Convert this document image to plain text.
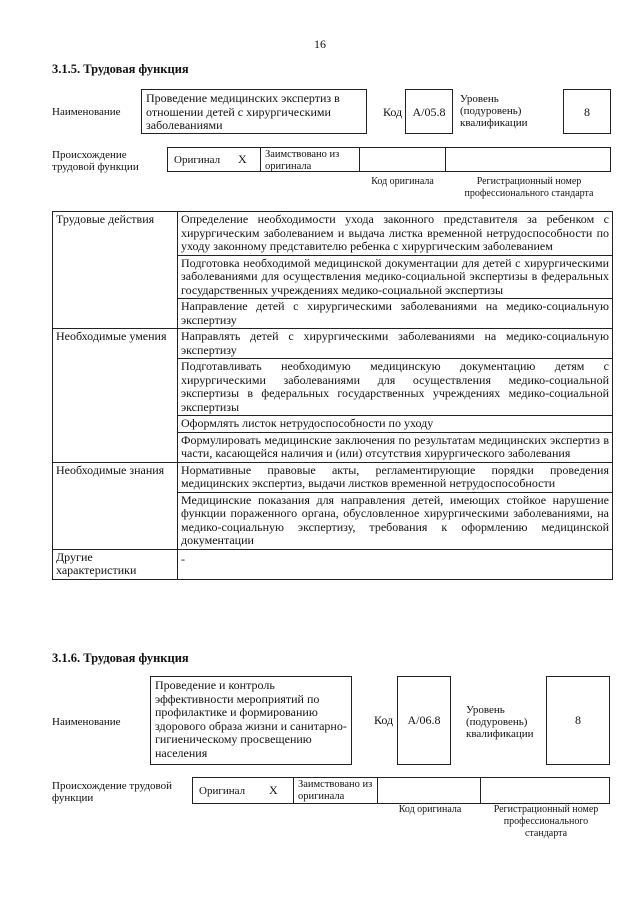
16
3.1.5. Трудовая функция
Наименование
Проведение медицинских экспертиз в отношении детей с хирургическими заболеваниями
Код A/05.8
Уровень (подуровень) квалификации
8
Происхождение трудовой функции
Оригинал X	Заимствовано из оригинала
Код оригинала	Регистрационный номер профессионального стандарта
Трудовые действия	Определение необходимости ухода законного представителя за ребенком с хирургическим заболеванием и выдача листка временной нетрудоспособности по уходу законному представителю ребенка с хирургическим заболеванием
	Подготовка необходимой медицинской документации для детей с хирургическими заболеваниями для осуществления медико-социальной экспертизы в федеральных государственных учреждениях медико-социальной экспертизы
	Направление детей с хирургическими заболеваниями на медико-социальную экспертизу
Необходимые умения	Направлять детей с хирургическими заболеваниями на медико-социальную экспертизу
	Подготавливать необходимую медицинскую документацию детям с хирургическими заболеваниями для осуществления медико-социальной экспертизы в федеральных государственных учреждениях медико-социальной экспертизы
	Оформлять листок нетрудоспособности по уходу
	Формулировать медицинские заключения по результатам медицинских экспертиз в части, касающейся наличия и (или) отсутствия хирургического заболевания
Необходимые знания	Нормативные правовые акты, регламентирующие порядки проведения медицинских экспертиз, выдачи листков временной нетрудоспособности
	Медицинские показания для направления детей, имеющих стойкое нарушение функции пораженного органа, обусловленное хирургическими заболеваниями, на медико-социальную экспертизу, требования к оформлению медицинской документации
Другие характеристики	-
3.1.6. Трудовая функция
Наименование
Проведение и контроль эффективности мероприятий по профилактике и формированию здорового образа жизни и санитарно-гигиеническому просвещению населения
Код	A/06.8
Уровень (подуровень) квалификации
8
Происхождение трудовой функции
Оригинал X	Заимствовано из оригинала
Код оригинала	Регистрационный номер профессионального стандарта
